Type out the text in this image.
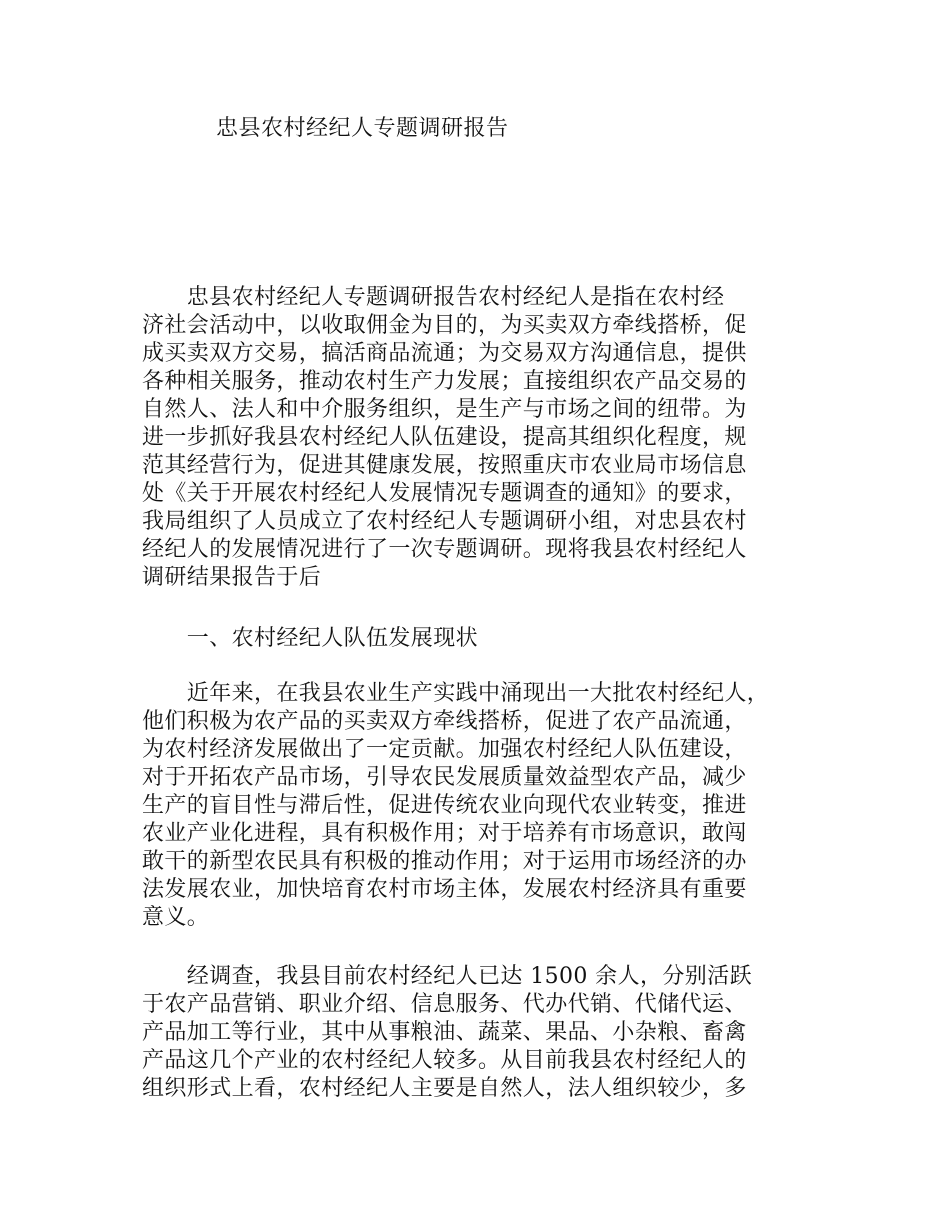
忠县农村经纪人专题调研报告
　　忠县农村经纪人专题调研报告农村经纪人是指在农村经
济社会活动中，以收取佣金为目的，为买卖双方牵线搭桥，促
成买卖双方交易，搞活商品流通；为交易双方沟通信息，提供
各种相关服务，推动农村生产力发展；直接组织农产品交易的
自然人、法人和中介服务组织，是生产与市场之间的纽带。为
进一步抓好我县农村经纪人队伍建设，提高其组织化程度，规
范其经营行为，促进其健康发展，按照重庆市农业局市场信息
处《关于开展农村经纪人发展情况专题调查的通知》的要求，
我局组织了人员成立了农村经纪人专题调研小组，对忠县农村
经纪人的发展情况进行了一次专题调研。现将我县农村经纪人
调研结果报告于后
　　一、农村经纪人队伍发展现状
　　近年来，在我县农业生产实践中涌现出一大批农村经纪人，
他们积极为农产品的买卖双方牵线搭桥，促进了农产品流通，
为农村经济发展做出了一定贡献。加强农村经纪人队伍建设，
对于开拓农产品市场，引导农民发展质量效益型农产品，减少
生产的盲目性与滞后性，促进传统农业向现代农业转变，推进
农业产业化进程，具有积极作用；对于培养有市场意识，敢闯
敢干的新型农民具有积极的推动作用；对于运用市场经济的办
法发展农业，加快培育农村市场主体，发展农村经济具有重要
意义。
　　经调查，我县目前农村经纪人已达 1500 余人，分别活跃
于农产品营销、职业介绍、信息服务、代办代销、代储代运、
产品加工等行业，其中从事粮油、蔬菜、果品、小杂粮、畜禽
产品这几个产业的农村经纪人较多。从目前我县农村经纪人的
组织形式上看，农村经纪人主要是自然人，法人组织较少，多
